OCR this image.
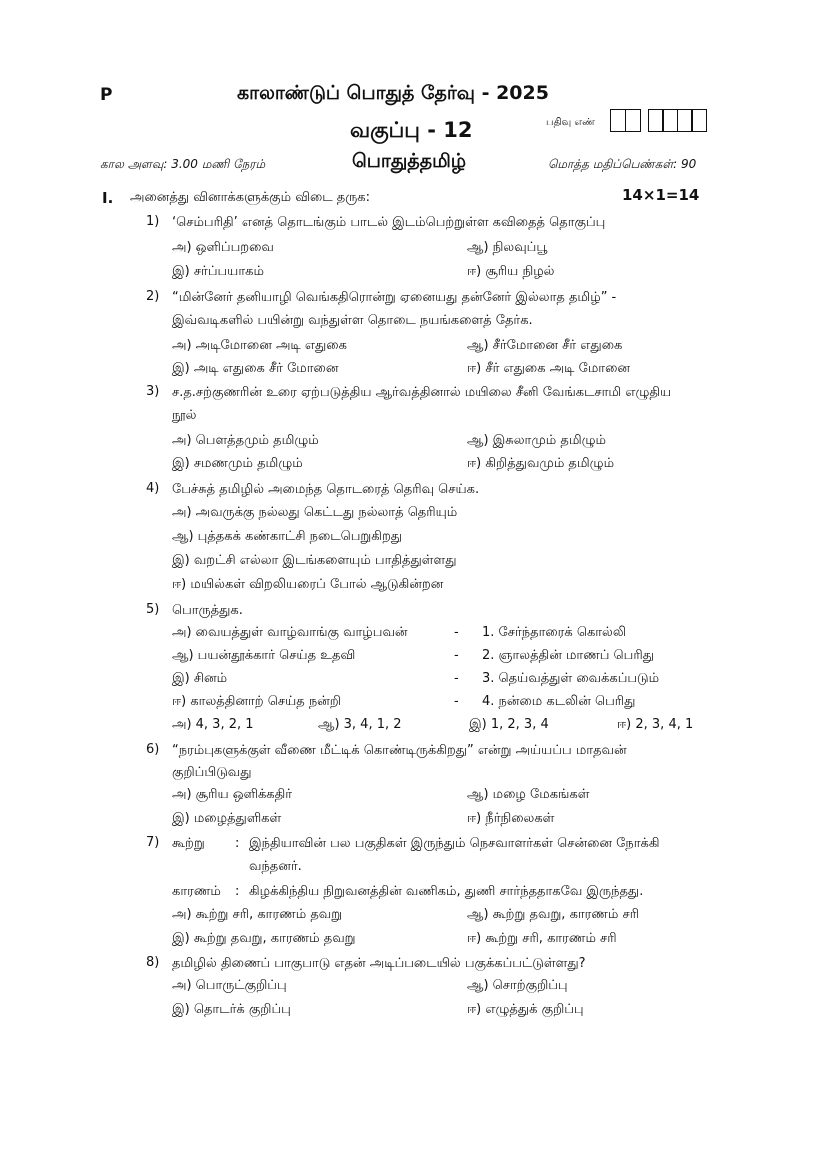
P	காலாண்டுப் பொதுத் தேர்வு - 2025
வகுப்பு - 12	பதிவு எண்
கால அளவு: 3.00 மணி நேரம்	பொதுத்தமிழ்	மொத்த மதிப்பெண்கள்: 90
I. அனைத்து வினாக்களுக்கும் விடை தருக:	14×1=14
1) ‘செம்பரிதி’ எனத் தொடங்கும் பாடல் இடம்பெற்றுள்ள கவிதைத் தொகுப்பு
அ) ஒளிப்பறவை	ஆ) நிலவுப்பூ
இ) சர்ப்பயாகம்	ஈ) சூரிய நிழல்
2) “மின்னேர் தனியாழி வெங்கதிரொன்று ஏனையது தன்னேர் இல்லாத தமிழ்” -
இவ்வடிகளில் பயின்று வந்துள்ள தொடை நயங்களைத் தேர்க.
அ) அடிமோனை அடி எதுகை	ஆ) சீர்மோனை சீர் எதுகை
இ) அடி எதுகை சீர் மோனை	ஈ) சீர் எதுகை அடி மோனை
3) ச.த.சற்குணரின் உரை ஏற்படுத்திய ஆர்வத்தினால் மயிலை சீனி வேங்கடசாமி எழுதிய
நூல்
அ) பௌத்தமும் தமிழும்	ஆ) இசுலாமும் தமிழும்
இ) சமணமும் தமிழும்	ஈ) கிறித்துவமும் தமிழும்
4) பேச்சுத் தமிழில் அமைந்த தொடரைத் தெரிவு செய்க.
அ) அவருக்கு நல்லது கெட்டது நல்லாத் தெரியும்
ஆ) புத்தகக் கண்காட்சி நடைபெறுகிறது
இ) வறட்சி எல்லா இடங்களையும் பாதித்துள்ளது
ஈ) மயில்கள் விறலியரைப் போல் ஆடுகின்றன
5) பொருத்துக.
அ) வையத்துள் வாழ்வாங்கு வாழ்பவன்	- 1. சேர்ந்தாரைக் கொல்லி
ஆ) பயன்தூக்கார் செய்த உதவி	- 2. ஞாலத்தின் மாணப் பெரிது
இ) சினம்	- 3. தெய்வத்துள் வைக்கப்படும்
ஈ) காலத்தினாற் செய்த நன்றி	- 4. நன்மை கடலின் பெரிது
அ) 4, 3, 2, 1	ஆ) 3, 4, 1, 2	இ) 1, 2, 3, 4	ஈ) 2, 3, 4, 1
6) “நரம்புகளுக்குள் வீணை மீட்டிக் கொண்டிருக்கிறது” என்று அய்யப்ப மாதவன்
குறிப்பிடுவது
அ) சூரிய ஒளிக்கதிர்	ஆ) மழை மேகங்கள்
இ) மழைத்துளிகள்	ஈ) நீர்நிலைகள்
7) கூற்று : இந்தியாவின் பல பகுதிகள் இருந்தும் நெசவாளர்கள் சென்னை நோக்கி
வந்தனர்.
காரணம் : கிழக்கிந்திய நிறுவனத்தின் வணிகம், துணி சார்ந்ததாகவே இருந்தது.
அ) கூற்று சரி, காரணம் தவறு	ஆ) கூற்று தவறு, காரணம் சரி
இ) கூற்று தவறு, காரணம் தவறு	ஈ) கூற்று சரி, காரணம் சரி
8) தமிழில் திணைப் பாகுபாடு எதன் அடிப்படையில் பகுக்கப்பட்டுள்ளது?
அ) பொருட்குறிப்பு	ஆ) சொற்குறிப்பு
இ) தொடர்க் குறிப்பு	ஈ) எழுத்துக் குறிப்பு
